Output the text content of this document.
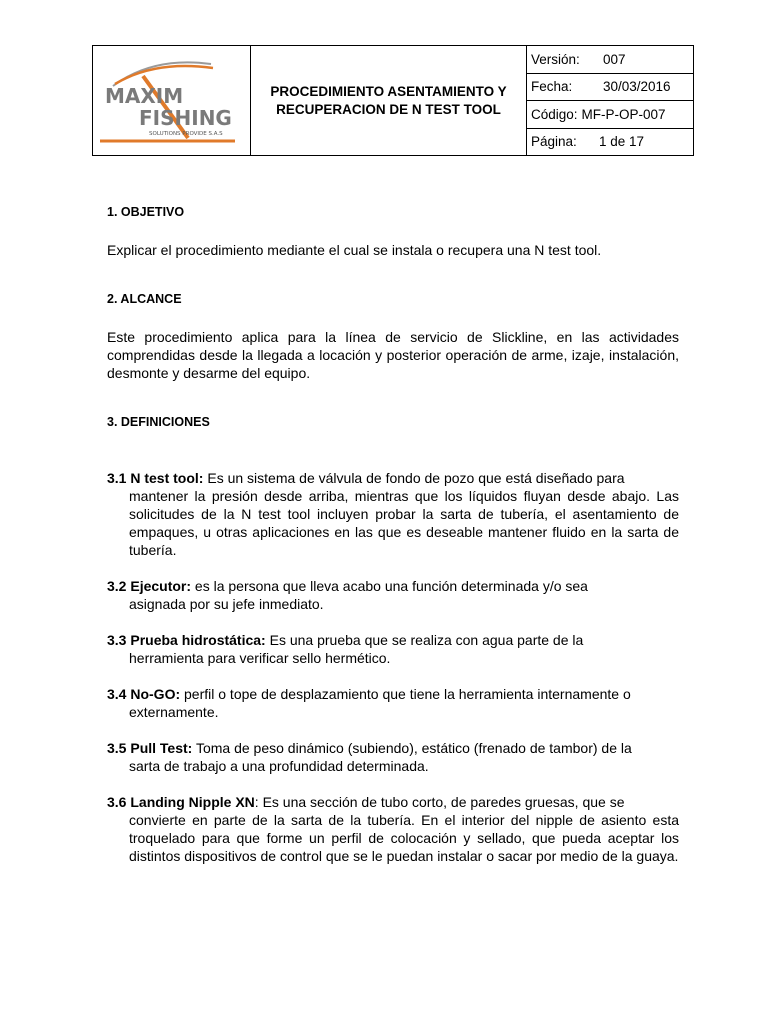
MAXIM
FISHING
SOLUTIONS PROVIDE S.A.S
PROCEDIMIENTO ASENTAMIENTO Y
RECUPERACION DE N TEST TOOL
Versión:	007
Fecha:	30/03/2016
Código: MF-P-OP-007
Página:	1 de 17
1. OBJETIVO
Explicar el procedimiento mediante el cual se instala o recupera una N test tool.
2. ALCANCE
Este procedimiento aplica para la línea de servicio de Slickline, en las actividades comprendidas desde la llegada a locación y posterior operación de arme, izaje, instalación, desmonte y desarme del equipo.
3. DEFINICIONES
3.1 N test tool: Es un sistema de válvula de fondo de pozo que está diseñado para
mantener la presión desde arriba, mientras que los líquidos fluyan desde abajo. Las solicitudes de la N test tool incluyen probar la sarta de tubería, el asentamiento de empaques, u otras aplicaciones en las que es deseable mantener fluido en la sarta de tubería.
3.2 Ejecutor: es la persona que lleva acabo una función determinada y/o sea
asignada por su jefe inmediato.
3.3 Prueba hidrostática: Es una prueba que se realiza con agua parte de la
herramienta para verificar sello hermético.
3.4 No-GO: perfil o tope de desplazamiento que tiene la herramienta internamente o
externamente.
3.5 Pull Test: Toma de peso dinámico (subiendo), estático (frenado de tambor) de la
sarta de trabajo a una profundidad determinada.
3.6 Landing Nipple XN: Es una sección de tubo corto, de paredes gruesas, que se
convierte en parte de la sarta de la tubería. En el interior del nipple de asiento esta troquelado para que forme un perfil de colocación y sellado, que pueda aceptar los distintos dispositivos de control que se le puedan instalar o sacar por medio de la guaya.
